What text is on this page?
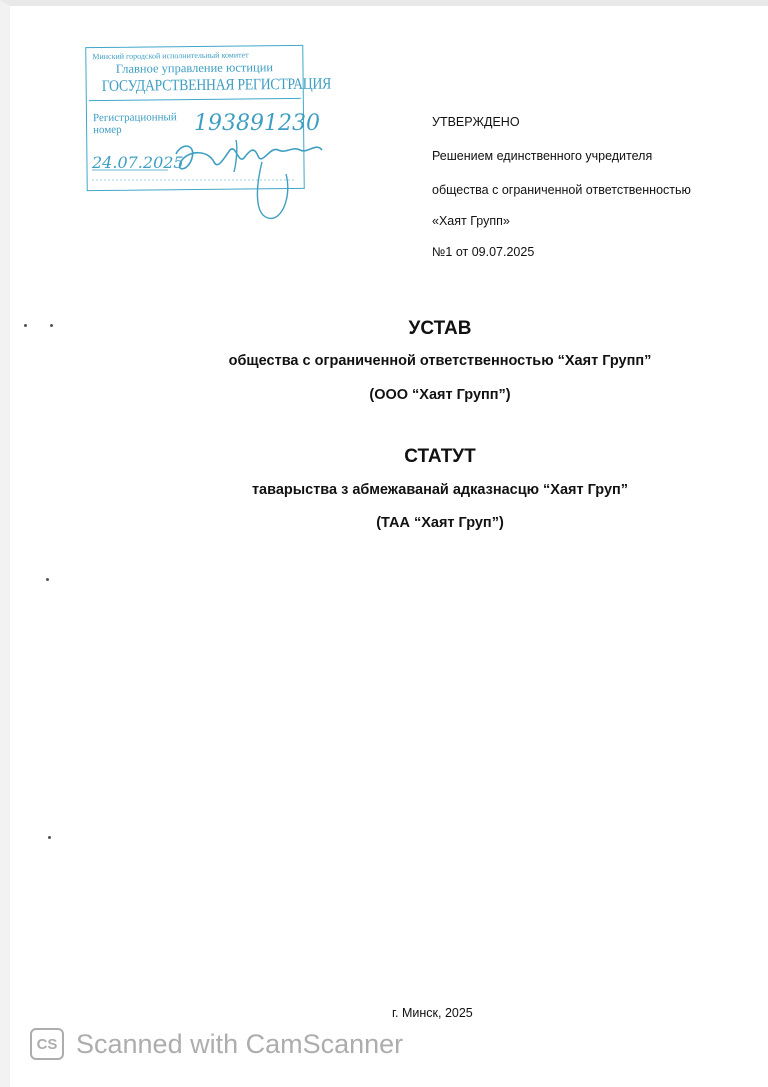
Минский городской исполнительный комитет
Главное управление юстиции
ГОСУДАРСТВЕННАЯ РЕГИСТРАЦИЯ
Регистрационный номер	193891230
24.07.2025
УТВЕРЖДЕНО
Решением единственного учредителя
общества с ограниченной ответственностью
«Хаят Групп»
№1 от 09.07.2025
УСТАВ
общества с ограниченной ответственностью “Хаят Групп”
(ООО “Хаят Групп”)
СТАТУТ
таварыства з абмежаванай адказнасцю “Хаят Груп”
(ТАА “Хаят Груп”)
г. Минск, 2025
CS Scanned with CamScanner
